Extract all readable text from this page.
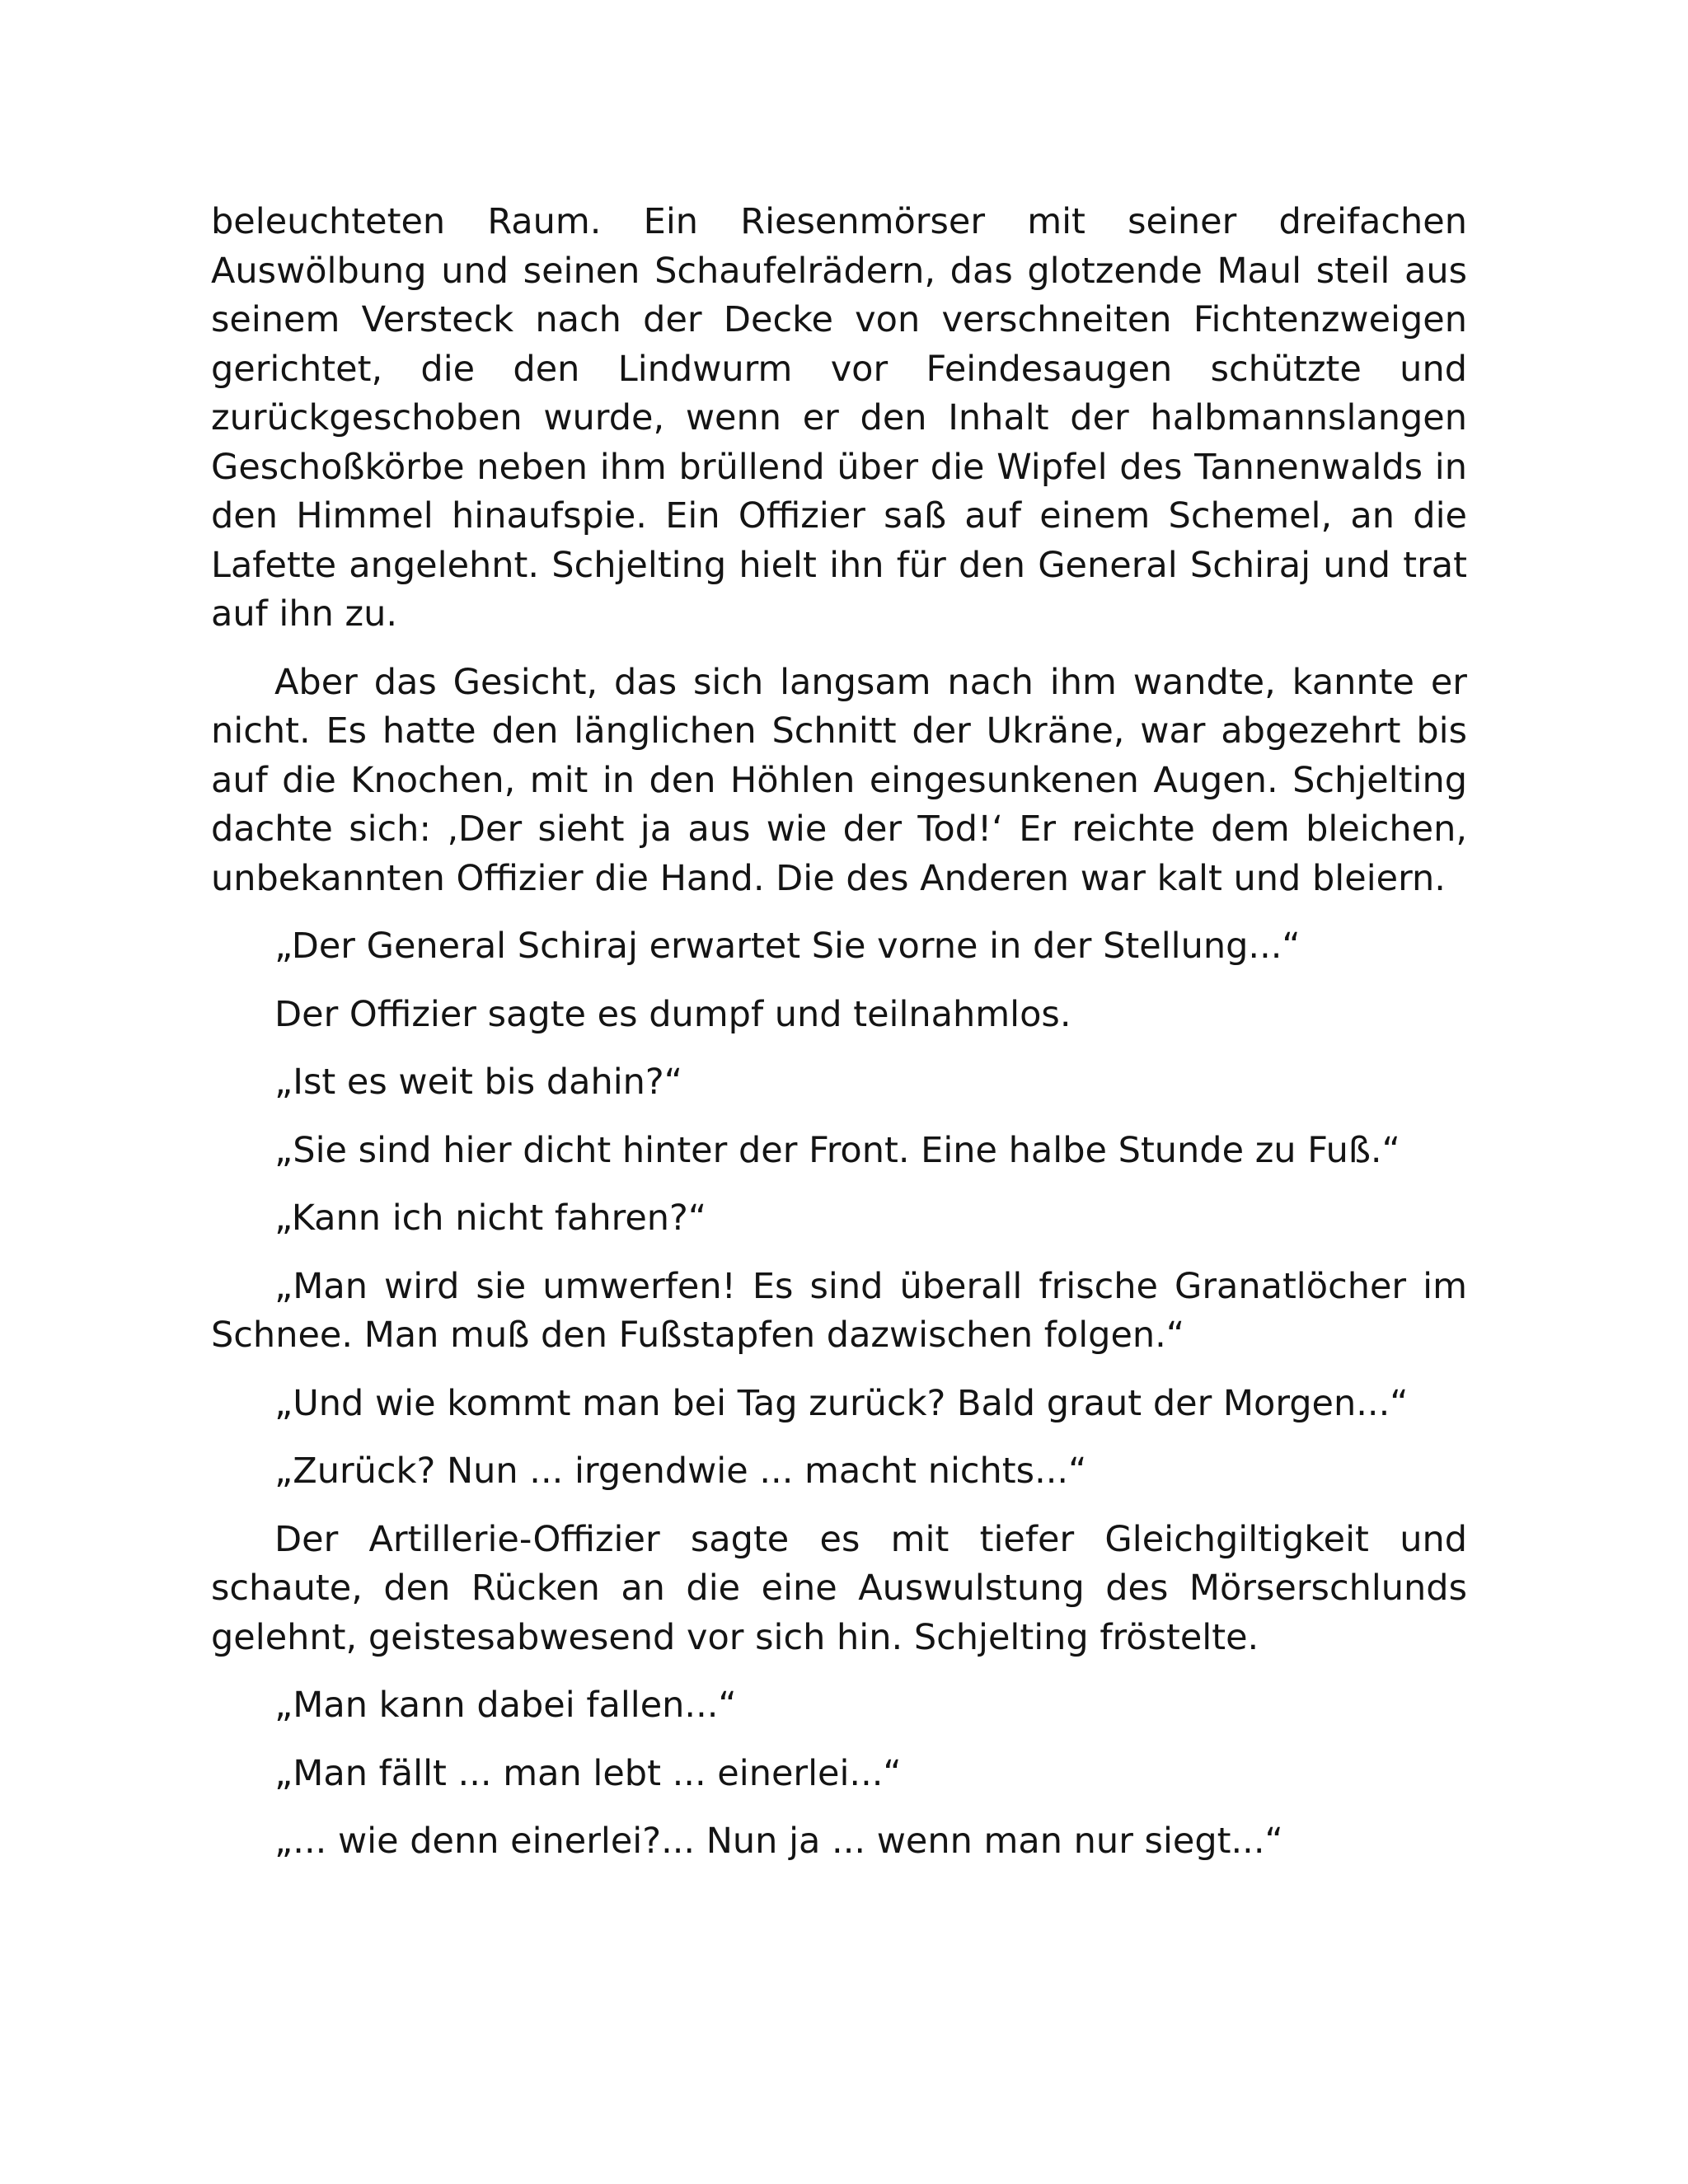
beleuchteten Raum. Ein Riesenmörser mit seiner dreifachen Auswölbung und seinen Schaufelrädern, das glotzende Maul steil aus seinem Versteck nach der Decke von verschneiten Fichtenzweigen gerichtet, die den Lindwurm vor Feindesaugen schützte und zurückgeschoben wurde, wenn er den Inhalt der halbmannslangen Geschoßkörbe neben ihm brüllend über die Wipfel des Tannenwalds in den Himmel hinaufspie. Ein Offizier saß auf einem Schemel, an die Lafette angelehnt. Schjelting hielt ihn für den General Schiraj und trat auf ihn zu.

Aber das Gesicht, das sich langsam nach ihm wandte, kannte er nicht. Es hatte den länglichen Schnitt der Ukräne, war abgezehrt bis auf die Knochen, mit in den Höhlen eingesunkenen Augen. Schjelting dachte sich: ‚Der sieht ja aus wie der Tod!‘ Er reichte dem bleichen, unbekannten Offizier die Hand. Die des Anderen war kalt und bleiern.

„Der General Schiraj erwartet Sie vorne in der Stellung...“

Der Offizier sagte es dumpf und teilnahmlos.

„Ist es weit bis dahin?“

„Sie sind hier dicht hinter der Front. Eine halbe Stunde zu Fuß.“

„Kann ich nicht fahren?“

„Man wird sie umwerfen! Es sind überall frische Granatlöcher im Schnee. Man muß den Fußstapfen dazwischen folgen.“

„Und wie kommt man bei Tag zurück? Bald graut der Morgen...“

„Zurück? Nun ... irgendwie ... macht nichts...“

Der Artillerie-Offizier sagte es mit tiefer Gleichgiltigkeit und schaute, den Rücken an die eine Auswulstung des Mörserschlunds gelehnt, geistesabwesend vor sich hin. Schjelting fröstelte.

„Man kann dabei fallen...“

„Man fällt ... man lebt ... einerlei...“

„... wie denn einerlei?... Nun ja ... wenn man nur siegt...“
